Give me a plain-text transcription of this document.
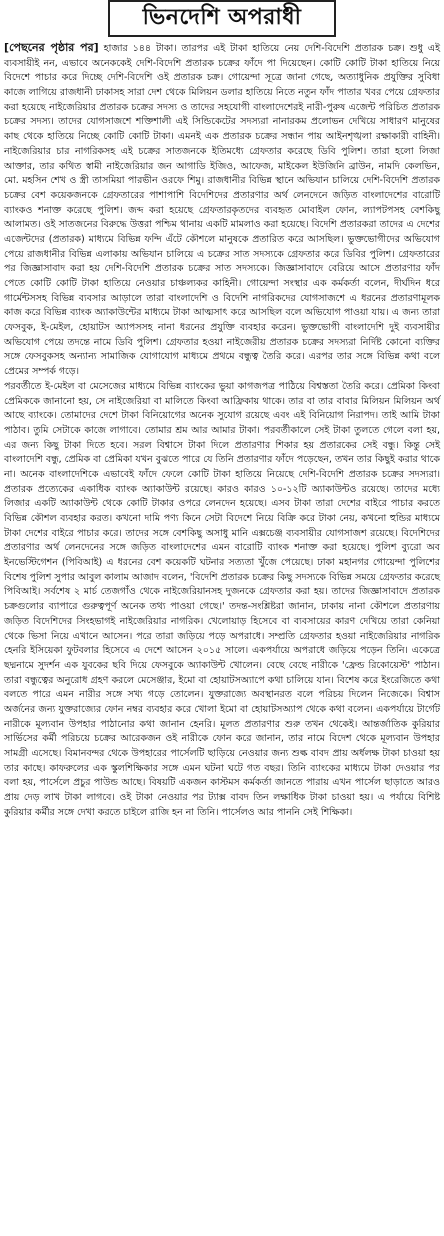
ভিনদেশি অপরাধী

[পেছনের পৃষ্ঠার পর] হাজার ১৪৪ টাকা। তারপর এই টাকা হাতিয়ে নেয় দেশি-বিদেশি প্রতারক চক্র। শুধু এই ব্যবসায়ীই নন, এভাবে অনেককেই দেশি-বিদেশি প্রতারক চক্রের ফাঁদে পা দিয়েছেন। কোটি কোটি টাকা হাতিয়ে নিয়ে বিদেশে পাচার করে দিচ্ছে দেশি-বিদেশি ওই প্রতারক চক্র। গোয়েন্দা সূত্রে জানা গেছে, অত্যাধুনিক প্রযুক্তির সুবিধা কাজে লাগিয়ে রাজধানী ঢাকাসহ সারা দেশ থেকে মিলিয়ন ডলার হাতিয়ে নিতে নতুন ফাঁদ পাতার খবর পেয়ে গ্রেফতার করা হয়েছে নাইজেরিয়ার প্রতারক চক্রের সদস্য ও তাদের সহযোগী বাংলাদেশেরই নারী-পুরুষ এজেন্ট পরিচিত প্রতারক চক্রের সদস্য। তাদের যোগসাজশে শক্তিশালী এই সিন্ডিকেটের সদস্যরা নানারকম প্রলোভন দেখিয়ে সাধারণ মানুষের কাছ থেকে হাতিয়ে নিচ্ছে কোটি কোটি টাকা। এমনই এক প্রতারক চক্রের সন্ধান পায় আইনশৃঙ্খলা রক্ষাকারী বাহিনী। নাইজেরিয়ার চার নাগরিকসহ এই চক্রের সাতজনকে ইতিমধ্যে গ্রেফতার করেছে ডিবি পুলিশ। তারা হলো লিজা আক্তার, তার কথিত স্বামী নাইজেরিয়ার জন আগাডি ইজিও, আফেজ, মাইকেল ইউজিনি ব্রাউন, নামদি কেলভিন, মো. মহসিন শেখ ও স্ত্রী তাসমিয়া পারভীন ওরফে শিমু। রাজধানীর বিভিন্ন স্থানে অভিযান চালিয়ে দেশি-বিদেশি প্রতারক চক্রের বেশ কয়েকজনকে গ্রেফতারের পাশাপাশি বিদেশিদের প্রতারণার অর্থ লেনদেনে জড়িত বাংলাদেশের বারোটি ব্যাংকও শনাক্ত করেছে পুলিশ। জব্দ করা হয়েছে গ্রেফতারকৃতদের ব্যবহৃত মোবাইল ফোন, ল্যাপটপসহ বেশকিছু আলামত। ওই সাতজনের বিরুদ্ধে উত্তরা পশ্চিম থানায় একটি মামলাও করা হয়েছে। বিদেশি প্রতারকরা তাদের এ দেশের এজেন্টদের (প্রতারক) মাধ্যমে বিভিন্ন ফন্দি এঁটে কৌশলে মানুষকে প্রতারিত করে আসছিল। ভুক্তভোগীদের অভিযোগ পেয়ে রাজধানীর বিভিন্ন এলাকায় অভিযান চালিয়ে এ চক্রের সাত সদস্যকে গ্রেফতার করে ডিবির পুলিশ। গ্রেফতারের পর জিজ্ঞাসাবাদ করা হয় দেশি-বিদেশি প্রতারক চক্রের সাত সদস্যকে। জিজ্ঞাসাবাদে বেরিয়ে আসে প্রতারণার ফাঁদ পেতে কোটি কোটি টাকা হাতিয়ে নেওয়ার চাঞ্চল্যকর কাহিনী। গোয়েন্দা সংস্থার এক কর্মকর্তা বলেন, দীর্ঘদিন ধরে গার্মেন্টসসহ বিভিন্ন ব্যবসার আড়ালে তারা বাংলাদেশি ও বিদেশি নাগরিকদের যোগসাজশে এ ধরনের প্রতারণামূলক কাজ করে বিভিন্ন ব্যাংক অ্যাকাউন্টের মাধ্যমে টাকা আত্মসাৎ করে আসছিল বলে অভিযোগ পাওয়া যায়। এ জন্য তারা ফেসবুক, ই-মেইল, হোয়াটস অ্যাপসসহ নানা ধরনের প্রযুক্তি ব্যবহার করেন। ভুক্তভোগী বাংলাদেশি দুই ব্যবসায়ীর অভিযোগ পেয়ে তদন্তে নামে ডিবি পুলিশ। গ্রেফতার হওয়া নাইজেরীয় প্রতারক চক্রের সদস্যরা নির্দিষ্ট কোনো ব্যক্তির সঙ্গে ফেসবুকসহ অন্যান্য সামাজিক যোগাযোগ মাধ্যমে প্রথমে বন্ধুত্ব তৈরি করে। এরপর তার সঙ্গে বিভিন্ন কথা বলে প্রেমের সম্পর্ক গড়ে।

পরবর্তীতে ই-মেইল বা মেসেজের মাধ্যমে বিভিন্ন ব্যাংকের ভুয়া কাগজপত্র পাঠিয়ে বিশ্বস্ততা তৈরি করে। প্রেমিকা কিংবা প্রেমিককে জানানো হয়, সে নাইজেরিয়া বা মালিতে কিংবা আফ্রিকায় থাকে। তার বা তার বাবার মিলিয়ন মিলিয়ন অর্থ আছে ব্যাংকে। তোমাদের দেশে টাকা বিনিয়োগের অনেক সুযোগ রয়েছে এবং এই বিনিয়োগ নিরাপদ। তাই আমি টাকা পাঠাব। তুমি সেটাকে কাজে লাগাবে। তোমার শ্রম আর আমার টাকা। পরবর্তীকালে সেই টাকা তুলতে গেলে বলা হয়, এর জন্য কিছু টাকা দিতে হবে। সরল বিশ্বাসে টাকা দিলে প্রতারণার শিকার হয় প্রতারকের সেই বন্ধু। কিন্তু সেই বাংলাদেশি বন্ধু, প্রেমিক বা প্রেমিকা যখন বুঝতে পারে যে তিনি প্রতারণার ফাঁদে পড়েছেন, তখন তার কিছুই করার থাকে না। অনেক বাংলাদেশিকে এভাবেই ফাঁদে ফেলে কোটি টাকা হাতিয়ে নিয়েছে দেশি-বিদেশি প্রতারক চক্রের সদস্যরা। প্রতারক প্রত্যেকের একাধিক ব্যাংক অ্যাকাউন্ট রয়েছে। কারও কারও ১০-১২টি অ্যাকাউন্টও রয়েছে। তাদের মধ্যে লিজার একটি অ্যাকাউন্ট থেকে কোটি টাকার ওপরে লেনদেন হয়েছে। এসব টাকা তারা দেশের বাইরে পাচার করতে বিভিন্ন কৌশল ব্যবহার করত। কখনো দামি পণ্য কিনে সেটা বিদেশে নিয়ে বিক্রি করে টাকা নেয়, কখনো হুন্ডির মাধ্যমে টাকা দেশের বাইরে পাচার করে। তাদের সঙ্গে বেশকিছু অসাধু মানি এক্সচেঞ্জ ব্যবসায়ীর যোগসাজশ রয়েছে। বিদেশিদের প্রতারণার অর্থ লেনদেনের সঙ্গে জড়িত বাংলাদেশের এমন বারোটি ব্যাংক শনাক্ত করা হয়েছে। পুলিশ ব্যুরো অব ইনভেস্টিগেশন (পিবিআই) এ ধরনের বেশ কয়েকটি ঘটনার সত্যতা খুঁজে পেয়েছে। ঢাকা মহানগর গোয়েন্দা পুলিশের বিশেষ পুলিশ সুপার আবুল কালাম আজাদ বলেন, 'বিদেশি প্রতারক চক্রের কিছু সদস্যকে বিভিন্ন সময়ে গ্রেফতার করেছে পিবিআই। সর্বশেষ ২ মার্চ তেজগাঁও থেকে নাইজেরিয়ানসহ দুজনকে গ্রেফতার করা হয়। তাদের জিজ্ঞাসাবাদে প্রতারক চক্রগুলোর ব্যাপারে গুরুত্বপূর্ণ অনেক তথ্য পাওয়া গেছে।' তদন্ত-সংশ্লিষ্টরা জানান, ঢাকায় নানা কৌশলে প্রতারণায় জড়িত বিদেশিদের সিংহভাগই নাইজেরিয়ার নাগরিক। খেলোয়াড় হিসেবে বা ব্যবসায়ের কারণ দেখিয়ে তারা কেনিয়া থেকে ভিসা নিয়ে এখানে আসেন। পরে তারা জড়িয়ে পড়ে অপরাধে। সম্প্রতি গ্রেফতার হওয়া নাইজেরিয়ার নাগরিক হেনরি ইসিয়েকা ফুটবলার হিসেবে এ দেশে আসেন ২০১৫ সালে। একপর্যায়ে অপরাধে জড়িয়ে পড়েন তিনি। একেত্রে ছদ্মনামে সুদর্শন এক যুবকের ছবি দিয়ে ফেসবুকে অ্যাকাউন্ট খোলেন। বেছে বেছে নারীকে 'ফ্রেন্ড রিকোয়েস্ট' পাঠান। তারা বন্ধুত্বের অনুরোধ গ্রহণ করলে মেসেঞ্জার, ইমো বা হোয়াটসঅ্যাপে কথা চালিয়ে যান। বিশেষ করে ইংরেজিতে কথা বলতে পারে এমন নারীর সঙ্গে সখ্য গড়ে তোলেন। যুক্তরাজ্যে অবস্থানরত বলে পরিচয় দিলেন নিজেকে। বিশ্বাস অর্জনের জন্য যুক্তরাজ্যের ফোন নম্বর ব্যবহার করে খোলা ইমো বা হোয়াটসঅ্যাপ থেকে কথা বলেন। একপর্যায়ে টার্গেট নারীকে মূল্যবান উপহার পাঠানোর কথা জানান হেনরি। মূলত প্রতারণার শুরু তখন থেকেই। আন্তর্জাতিক কুরিয়ার সার্ভিসের কর্মী পরিচয়ে চক্রের আরেকজন ওই নারীকে ফোন করে জানান, তার নামে বিদেশ থেকে মূল্যবান উপহার সামগ্রী এসেছে। বিমানবন্দর থেকে উপহারের পার্সেলটি ছাড়িয়ে নেওয়ার জন্য শুল্ক বাবদ প্রায় অর্ধলক্ষ টাকা চাওয়া হয় তার কাছে। কাফরুলের এক স্কুলশিক্ষিকার সঙ্গে এমন ঘটনা ঘটে গত বছর। তিনি ব্যাংকের মাধ্যমে টাকা দেওয়ার পর বলা হয়, পার্সেলে প্রচুর পাউন্ড আছে। বিষয়টি একজন কাস্টমস কর্মকর্তা জানতে পারায় এখন পার্সেল ছাড়াতে আরও প্রায় দেড় লাখ টাকা লাগবে। ওই টাকা নেওয়ার পর ট্যাক্স বাবদ তিন লক্ষাধিক টাকা চাওয়া হয়। এ পর্যায়ে বিশিষ্ট কুরিয়ার কর্মীর সঙ্গে দেখা করতে চাইলে রাজি হন না তিনি। পার্সেলও আর পাননি সেই শিক্ষিকা।
